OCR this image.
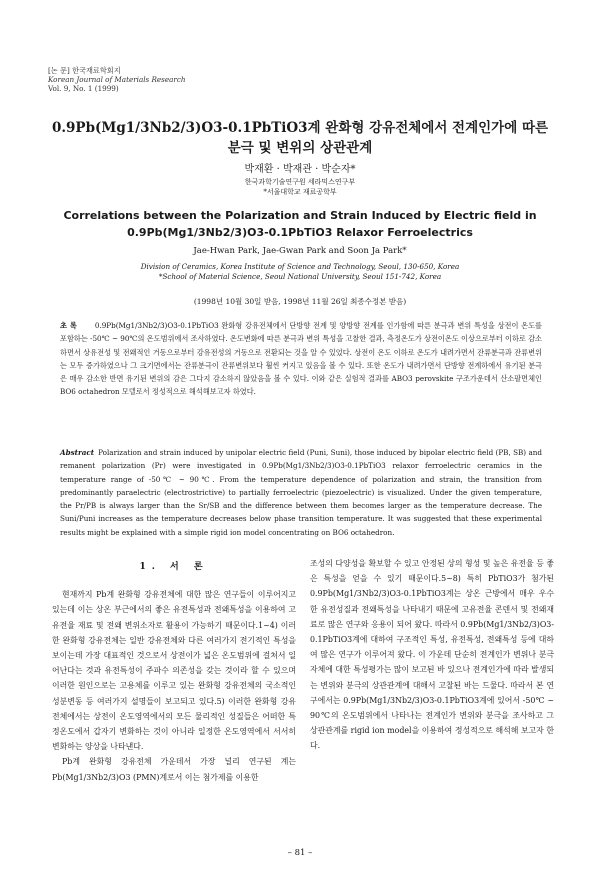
[논 문] 한국재료학회지
Korean Journal of Materials Research
Vol. 9, No. 1 (1999)
0.9Pb(Mg1/3Nb2/3)O3-0.1PbTiO3계 완화형 강유전체에서 전계인가에 따른
분극 및 변위의 상관관계
박재환 · 박재관 · 박순자*
한국과학기술연구원 세라믹스연구부
*서울대학교 재료공학부
Correlations between the Polarization and Strain Induced by Electric field in
0.9Pb(Mg1/3Nb2/3)O3-0.1PbTiO3 Relaxor Ferroelectrics
Jae-Hwan Park, Jae-Gwan Park and Soon Ja Park*
Division of Ceramics, Korea Institute of Science and Technology, Seoul, 130-650, Korea
*School of Material Science, Seoul National University, Seoul 151-742, Korea
(1998년 10월 30일 받음, 1998년 11월 26일 최종수정본 받음)
초 록	0.9Pb(Mg1/3Nb2/3)O3-0.1PbTiO3 완화형 강유전체에서 단방향 전계 및 양방향 전계를 인가함에 따른 분극과 변위 특성을 상전이 온도를 포함하는 -50℃ ~ 90℃의 온도범위에서 조사하였다. 온도변화에 따른 분극과 변위 특성을 고찰한 결과, 측정온도가 상전이온도 이상으로부터 이하로 감소하면서 상유전성 및 전왜적인 거동으로부터 강유전성의 거동으로 전환되는 것을 알 수 있었다. 상전이 온도 이하로 온도가 내려가면서 잔류분극과 잔류변위는 모두 증가하였으나 그 크기면에서는 잔류분극이 잔류변위보다 훨씬 커지고 있음을 볼 수 있다. 또한 온도가 내려가면서 단방향 전계하에서 유기된 분극은 매우 감소한 반면 유기된 변위의 감은 그다지 감소하지 않았음을 볼 수 있다. 이와 같은 실험적 결과를 ABO3 perovskite 구조가운데서 산소팔면체인 BO6 octahedron 모델로서 정성적으로 해석해보고자 하였다.
Abstract Polarization and strain induced by unipolar electric field (Puni, Suni), those induced by bipolar electric field (PB, SB) and remanent polarization (Pr) were investigated in 0.9Pb(Mg1/3Nb2/3)O3-0.1PbTiO3 relaxor ferroelectric ceramics in the temperature range of -50℃ ~ 90℃. From the temperature dependence of polarization and strain, the transition from predominantly paraelectric (electrostrictive) to partially ferroelectric (piezoelectric) is visualized. Under the given temperature, the Pr/PB is always larger than the Sr/SB and the difference between them becomes larger as the temperature decrease. The Suni/Puni increases as the temperature decreases below phase transition temperature. It was suggested that these experimental results might be explained with a simple rigid ion model concentrating on BO6 octahedron.
1. 서 론

현재까지 Pb계 완화형 강유전체에 대한 많은 연구들이 이루어지고 있는데 이는 상온 부근에서의 좋은 유전특성과 전왜특성을 이용하여 고유전율 재료 및 전왜 변위소자로 활용이 가능하기 때문이다.1~4) 이러한 완화형 강유전체는 일반 강유전체와 다른 여러가지 전기적인 특성을 보이는데 가장 대표적인 것으로서 상전이가 넓은 온도범위에 걸쳐서 일어난다는 것과 유전특성이 주파수 의존성을 갖는 것이라 할 수 있으며 이러한 원인으로는 고용체를 이루고 있는 완화형 강유전체의 국소적인 성분변동 등 여러가지 설명들이 보고되고 있다.5) 이러한 완화형 강유전체에서는 상전이 온도영역에서의 모든 물리적인 성질들은 어떠한 특정온도에서 갑자기 변화하는 것이 아니라 일정한 온도영역에서 서서히 변화하는 양상을 나타낸다.

Pb계 완화형 강유전체 가운데서 가장 널리 연구된 계는 Pb(Mg1/3Nb2/3)O3 (PMN)계로서 이는 첨가제를 이용한

조성의 다양성을 확보할 수 있고 안정된 상의 형성 및 높은 유전율 등 좋은 특성을 얻을 수 있기 때문이다.5~8) 특히 PbTiO3가 첨가된 0.9Pb(Mg1/3Nb2/3)O3-0.1PbTiO3계는 상온 근방에서 매우 우수한 유전성질과 전왜특성을 나타내기 때문에 고유전율 콘덴서 및 전왜재료로 많은 연구와 응용이 되어 왔다. 따라서 0.9Pb(Mg1/3Nb2/3)O3-0.1PbTiO3계에 대하여 구조적인 특성, 유전특성, 전왜특성 등에 대하여 많은 연구가 이루어져 왔다. 이 가운데 단순히 전계인가 변위나 분극 자체에 대한 특성평가는 많이 보고된 바 있으나 전계인가에 따라 발생되는 변위와 분극의 상관관계에 대해서 고찰된 바는 드물다. 따라서 본 연구에서는 0.9Pb(Mg1/3Nb2/3)O3-0.1PbTiO3계에 있어서 -50℃ ~ 90℃의 온도범위에서 나타나는 전계인가 변위와 분극을 조사하고 그 상관관계를 rigid ion model을 이용하여 정성적으로 해석해 보고자 한다.

– 81 –
